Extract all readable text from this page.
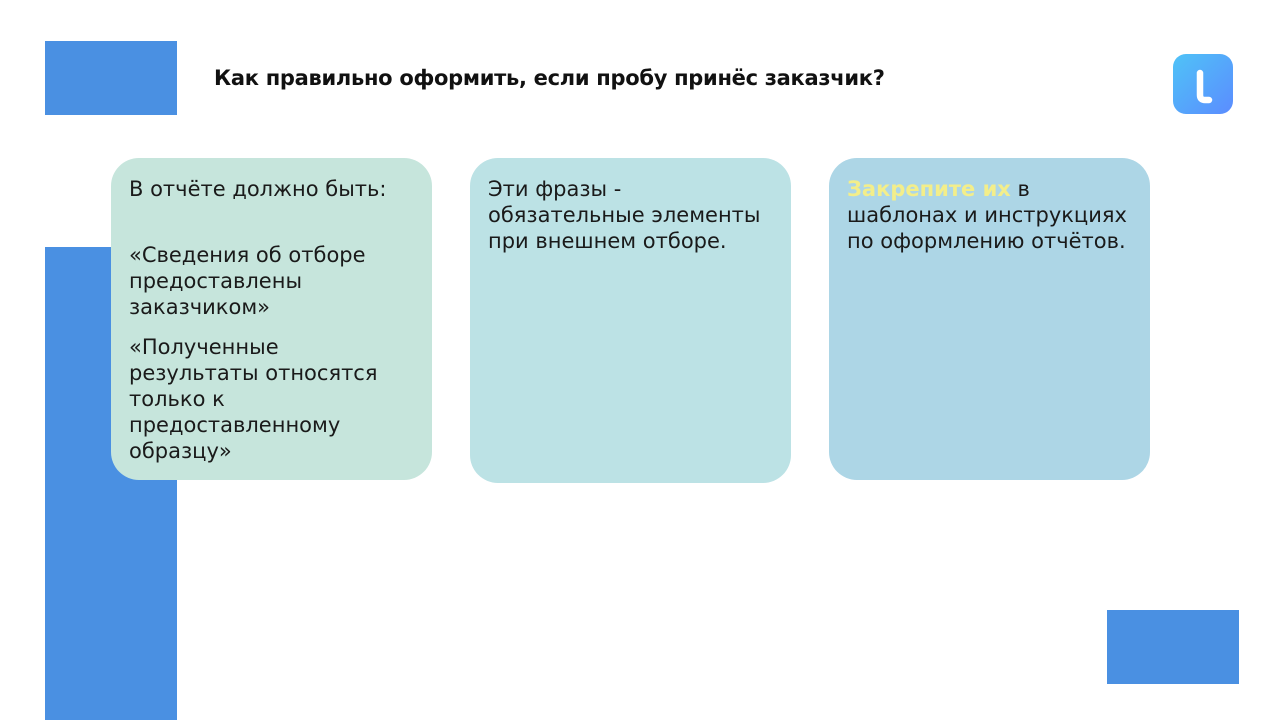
Как правильно оформить, если пробу принёс заказчик?

В отчёте должно быть:

«Сведения об отборе предоставлены заказчиком»

«Полученные результаты относятся только к предоставленному образцу»

Эти фразы - обязательные элементы при внешнем отборе.

Закрепите их в шаблонах и инструкциях по оформлению отчётов.
